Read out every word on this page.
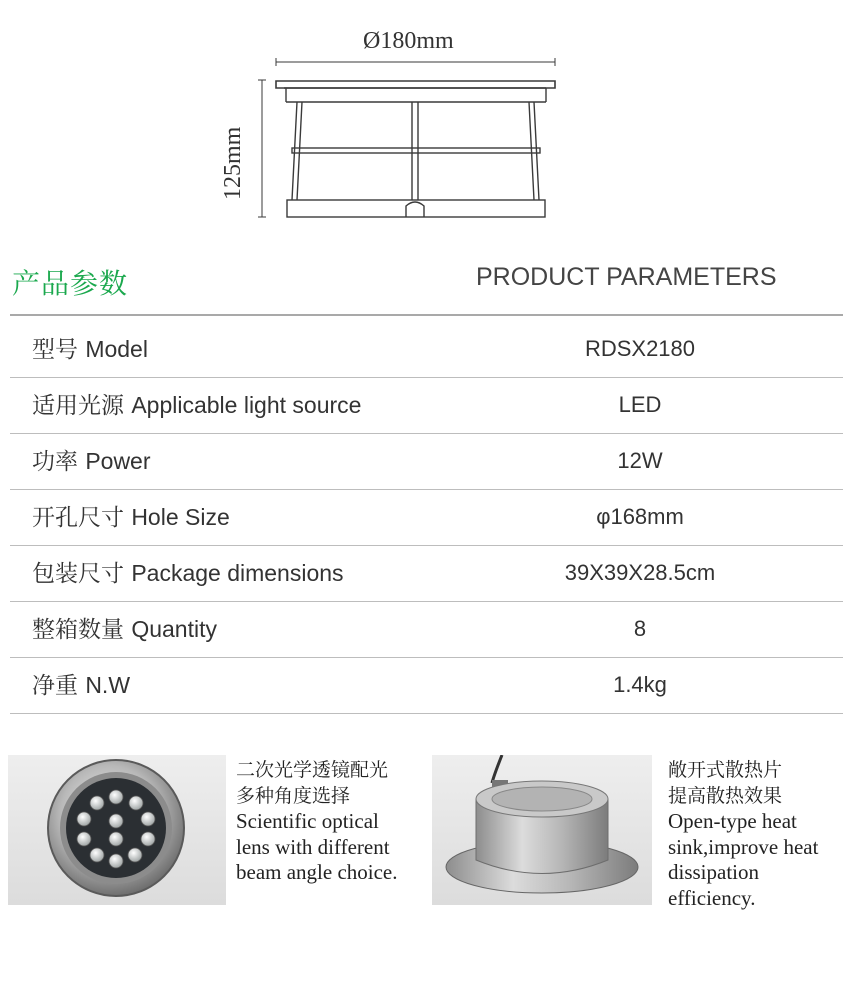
Ø180mm
125mm
产品参数	PRODUCT PARAMETERS
型号 Model	RDSX2180
适用光源 Applicable light source	LED
功率 Power	12W
开孔尺寸 Hole Size	φ168mm
包装尺寸 Package dimensions	39X39X28.5cm
整箱数量 Quantity	8
净重 N.W	1.4kg
二次光学透镜配光
多种角度选择
Scientific optical
lens with different
beam angle choice.
敞开式散热片
提高散热效果
Open-type heat
sink,improve heat
dissipation
efficiency.
